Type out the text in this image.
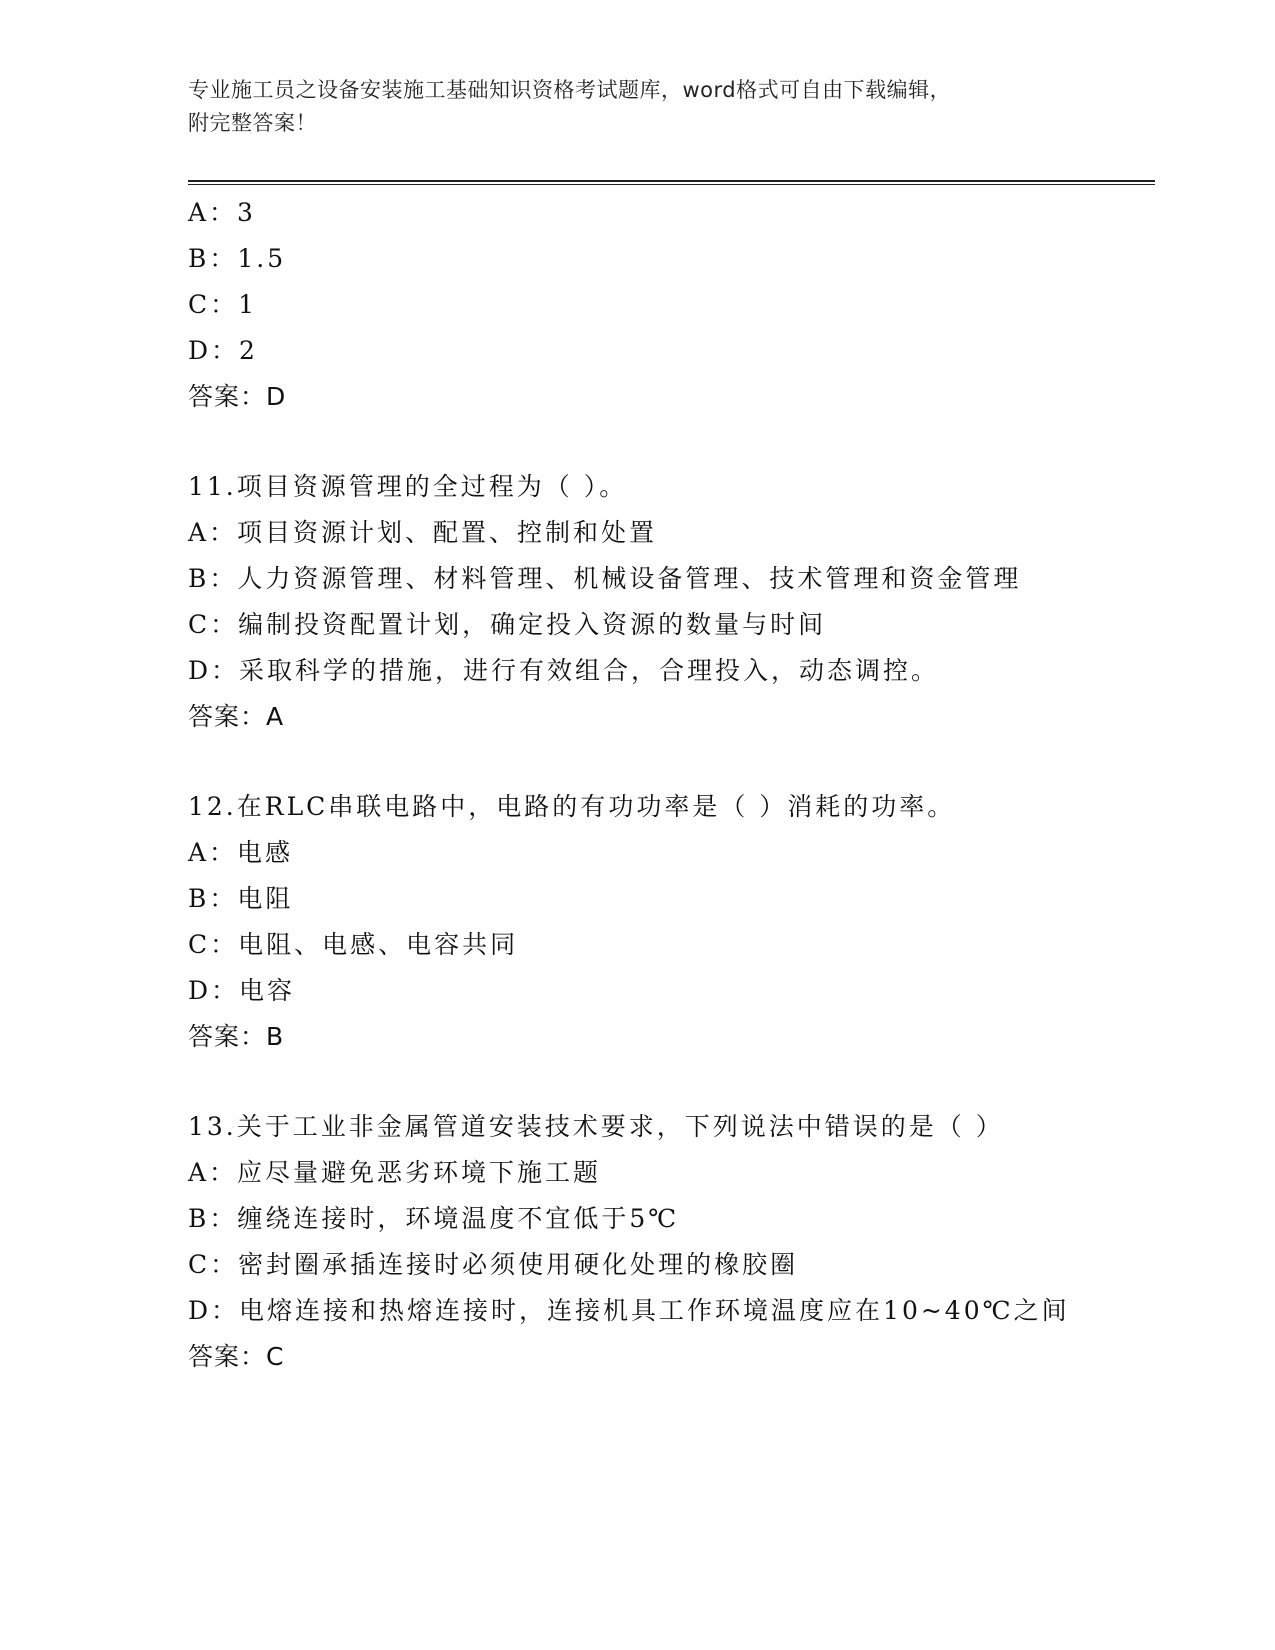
专业施工员之设备安装施工基础知识资格考试题库，word格式可自由下载编辑，
附完整答案！
A：3
B：1.5
C：1
D：2
答案：D
11.项目资源管理的全过程为（ ）。
A：项目资源计划、配置、控制和处置
B：人力资源管理、材料管理、机械设备管理、技术管理和资金管理
C：编制投资配置计划，确定投入资源的数量与时间
D：采取科学的措施，进行有效组合，合理投入，动态调控。
答案：A
12.在RLC串联电路中，电路的有功功率是（ ）消耗的功率。
A：电感
B：电阻
C：电阻、电感、电容共同
D：电容
答案：B
13.关于工业非金属管道安装技术要求，下列说法中错误的是（ ）
A：应尽量避免恶劣环境下施工题
B：缠绕连接时，环境温度不宜低于5℃
C：密封圈承插连接时必须使用硬化处理的橡胶圈
D：电熔连接和热熔连接时，连接机具工作环境温度应在10~40℃之间
答案：C
